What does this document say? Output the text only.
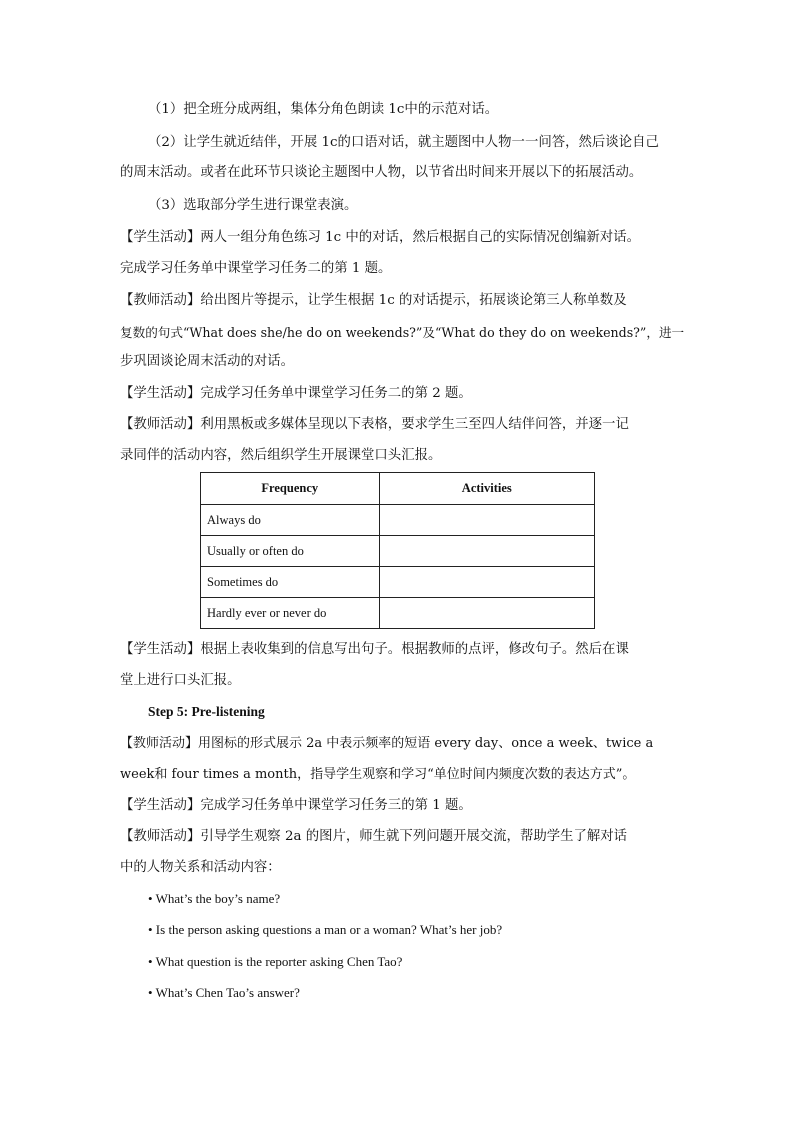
（1）把全班分成两组，集体分角色朗读 1c中的示范对话。
（2）让学生就近结伴，开展 1c的口语对话，就主题图中人物一一问答，然后谈论自己
的周末活动。或者在此环节只谈论主题图中人物，以节省出时间来开展以下的拓展活动。
（3）选取部分学生进行课堂表演。
【学生活动】两人一组分角色练习 1c 中的对话，然后根据自己的实际情况创编新对话。
完成学习任务单中课堂学习任务二的第 1 题。
【教师活动】给出图片等提示，让学生根据 1c 的对话提示，拓展谈论第三人称单数及
复数的句式“What does she/he do on weekends?”及“What do they do on weekends?”，进一
步巩固谈论周末活动的对话。
【学生活动】完成学习任务单中课堂学习任务二的第 2 题。
【教师活动】利用黑板或多媒体呈现以下表格，要求学生三至四人结伴问答，并逐一记
录同伴的活动内容，然后组织学生开展课堂口头汇报。
Frequency	Activities
Always do	
Usually or often do	
Sometimes do	
Hardly ever or never do	
【学生活动】根据上表收集到的信息写出句子。根据教师的点评，修改句子。然后在课
堂上进行口头汇报。
Step 5: Pre-listening
【教师活动】用图标的形式展示 2a 中表示频率的短语 every day、once a week、twice a
week和 four times a month，指导学生观察和学习“单位时间内频度次数的表达方式”。
【学生活动】完成学习任务单中课堂学习任务三的第 1 题。
【教师活动】引导学生观察 2a 的图片，师生就下列问题开展交流，帮助学生了解对话
中的人物关系和活动内容：
• What’s the boy’s name?
• Is the person asking questions a man or a woman? What’s her job?
• What question is the reporter asking Chen Tao?
• What’s Chen Tao’s answer?
